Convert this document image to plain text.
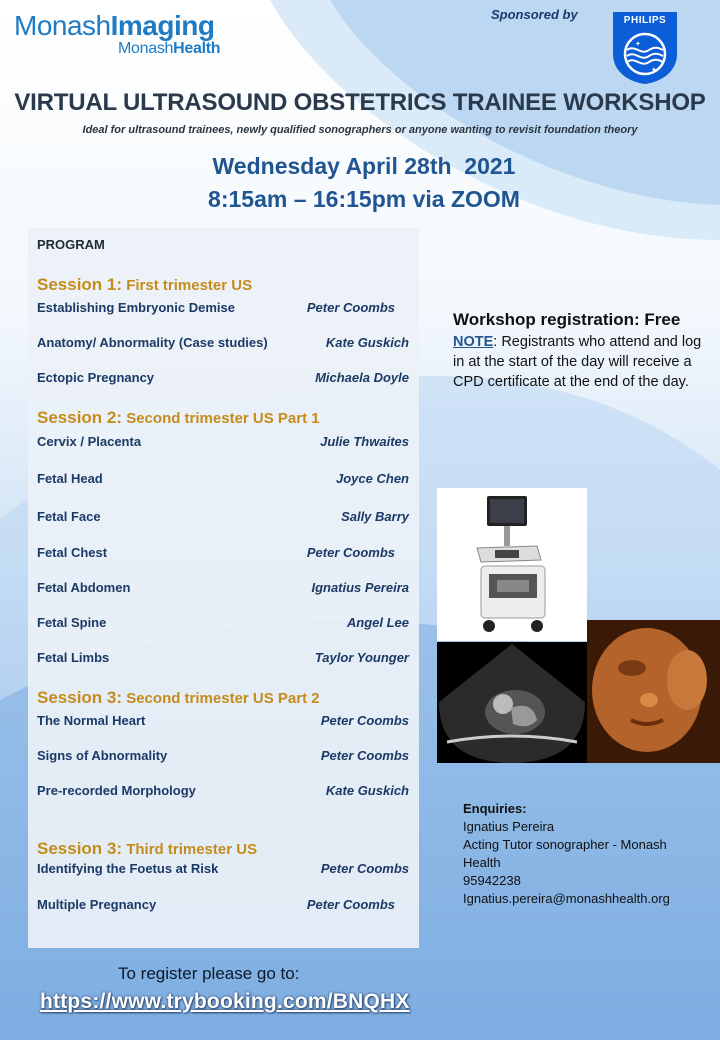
MonashImaging
MonashHealth
Sponsored by
✦
✦
PHILIPS
VIRTUAL ULTRASOUND OBSTETRICS TRAINEE WORKSHOP
Ideal for ultrasound trainees, newly qualified sonographers or anyone wanting to revisit foundation theory
Wednesday April 28th  2021
8:15am – 16:15pm via ZOOM
PROGRAM
Session 1: First trimester US
Establishing Embryonic Demise	Peter Coombs
Anatomy/ Abnormality (Case studies)	Kate Guskich
Ectopic Pregnancy	Michaela Doyle
Session 2: Second trimester US Part 1
Cervix / Placenta	Julie Thwaites
Fetal Head	Joyce Chen
Fetal Face	Sally Barry
Fetal Chest	Peter Coombs
Fetal Abdomen	Ignatius Pereira
Fetal Spine	Angel Lee
Fetal Limbs	Taylor Younger
Session 3: Second trimester US Part 2
The Normal Heart	Peter Coombs
Signs of Abnormality	Peter Coombs
Pre-recorded Morphology	Kate Guskich
Session 3: Third trimester US
Identifying the Foetus at Risk	Peter Coombs
Multiple Pregnancy	Peter Coombs
Workshop registration: Free
NOTE: Registrants who attend and log in at the start of the day will receive a CPD certificate at the end of the day.
Enquiries:
Ignatius Pereira
Acting Tutor sonographer - Monash Health
95942238
Ignatius.pereira@monashhealth.org
To register please go to:
https://www.trybooking.com/BNQHX
